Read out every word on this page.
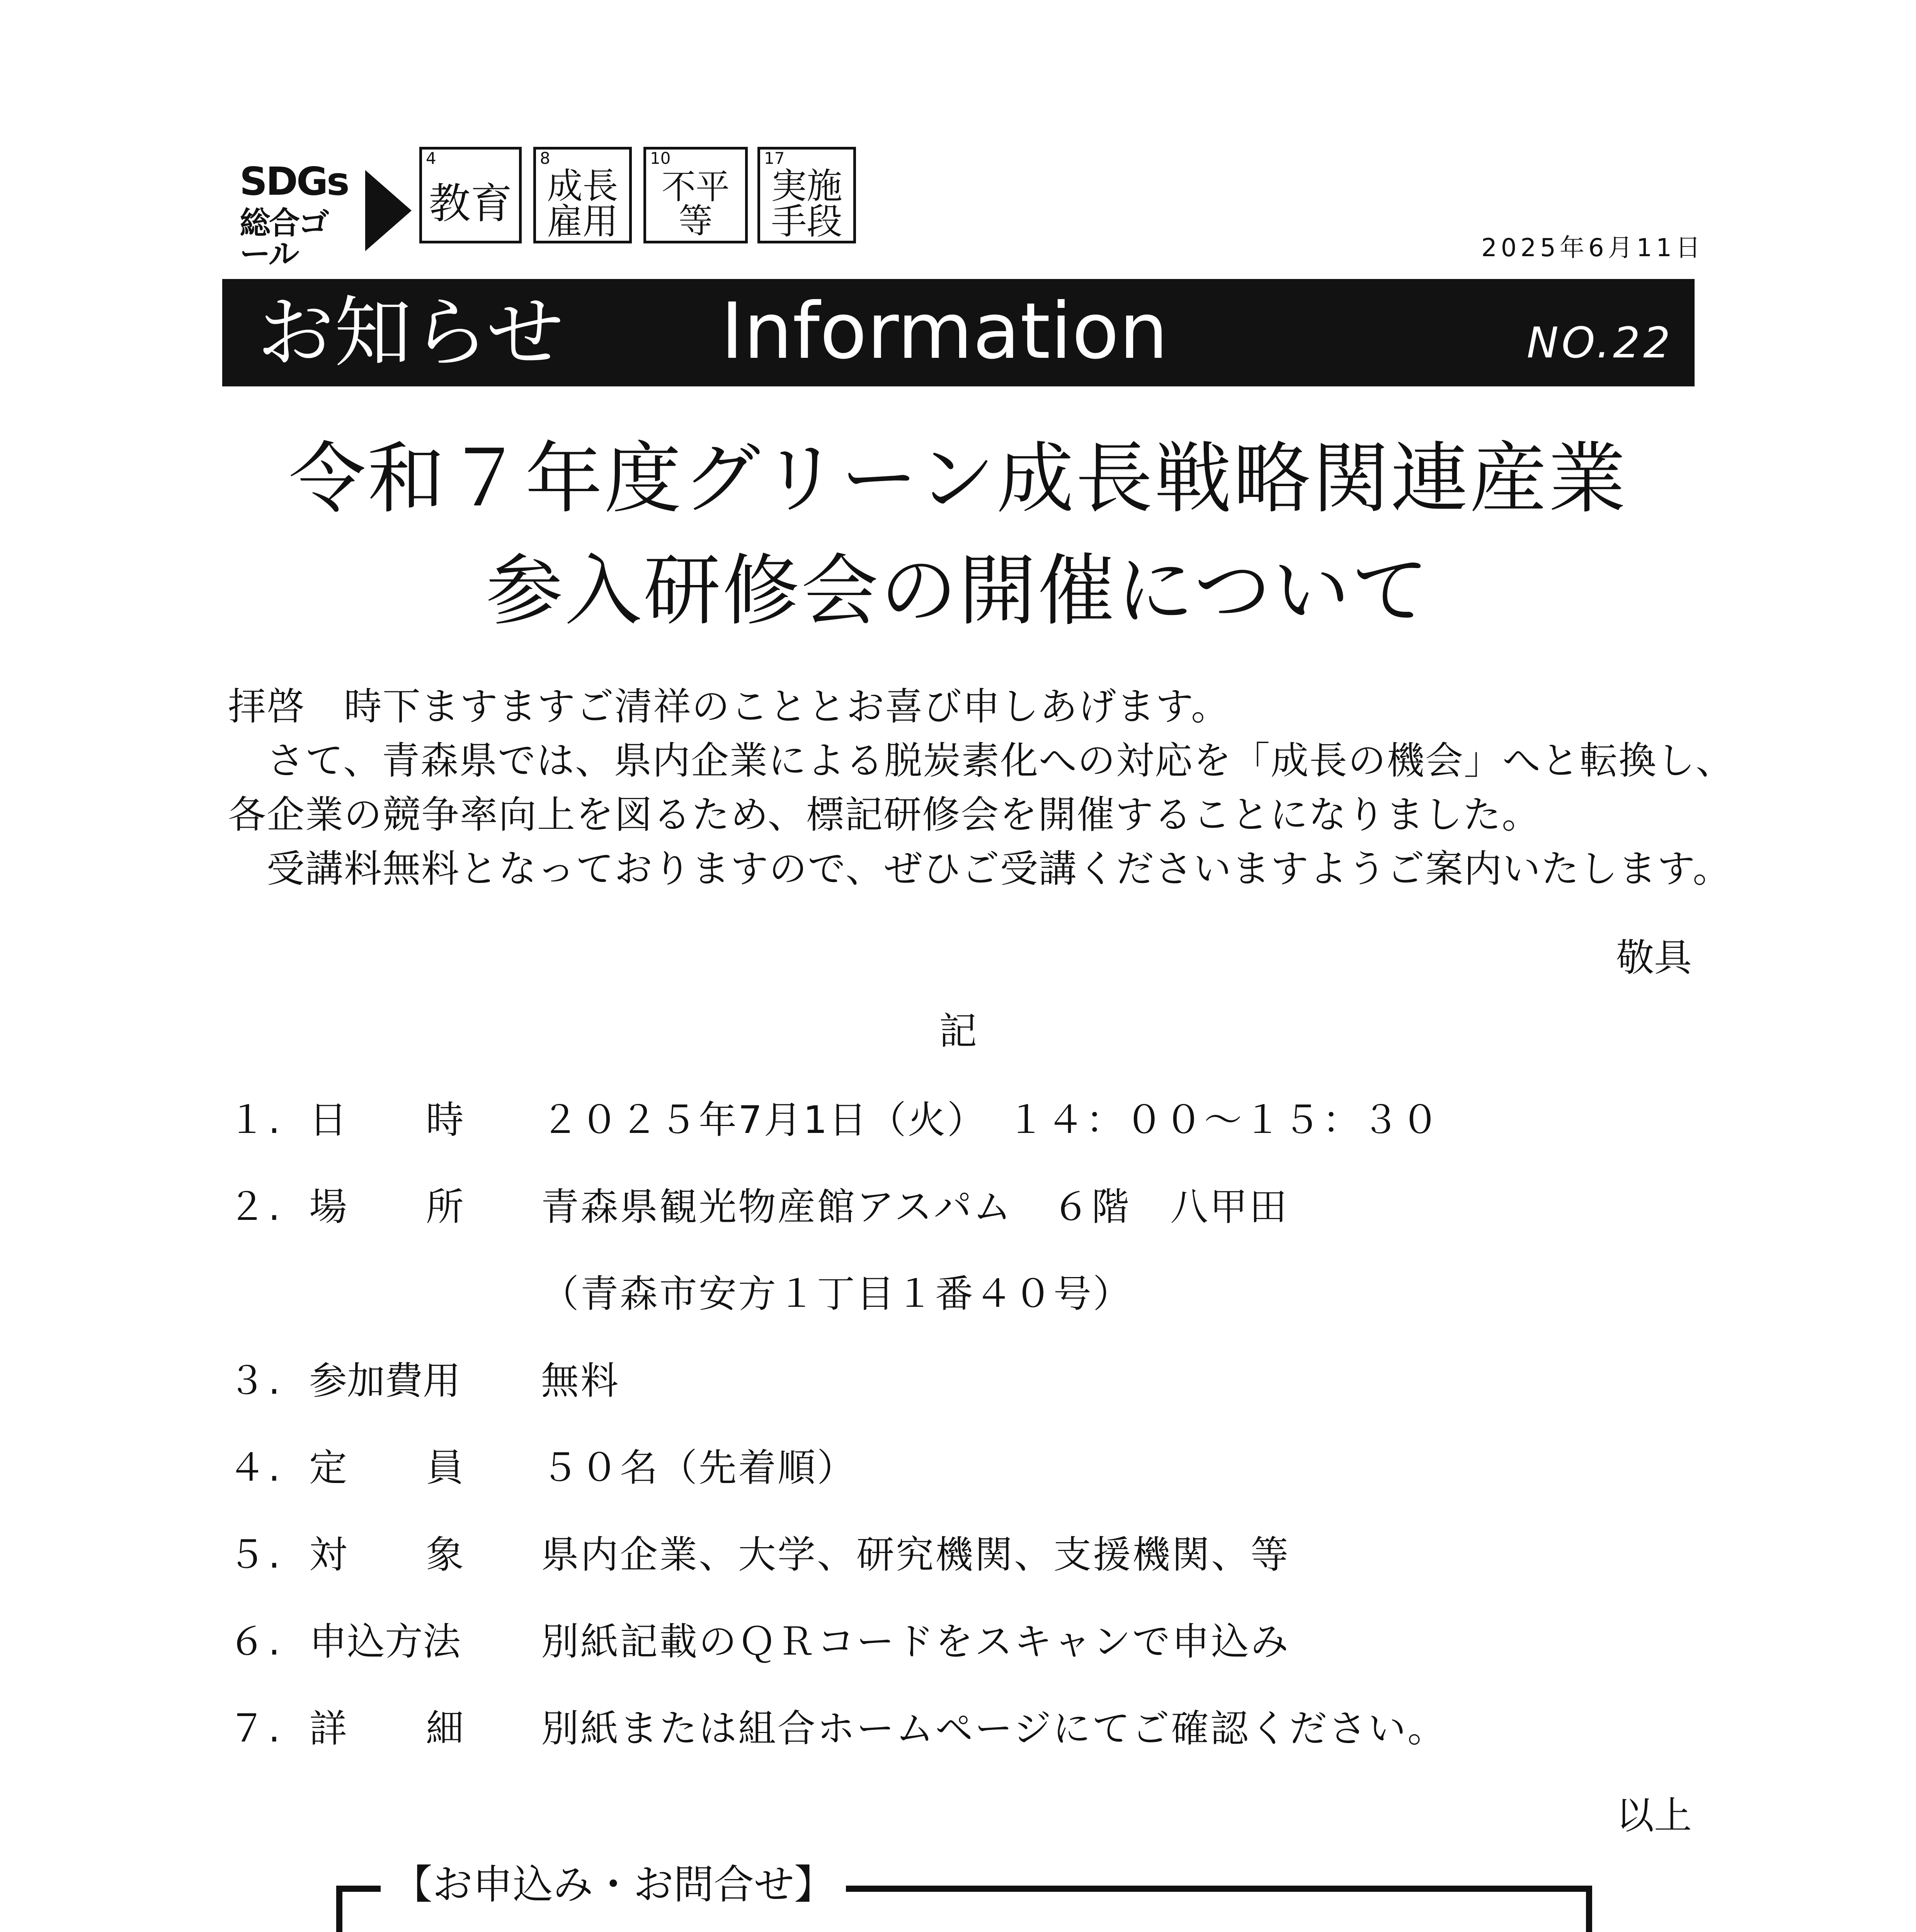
SDGs
総合ゴール
4
教育
8
成長雇用
10
不平等
17
実施手段
2025年6月11日
お知らせ Information	NO.22
令和７年度グリーン成長戦略関連産業
参入研修会の開催について
拝啓　時下ますますご清祥のこととお喜び申しあげます。
　さて、青森県では、県内企業による脱炭素化への対応を「成長の機会」へと転換し、
各企業の競争率向上を図るため、標記研修会を開催することになりました。
　受講料無料となっておりますので、ぜひご受講くださいますようご案内いたします。
敬具
記
１. 日 時 ２０２５年7月1日（火）　１４：００〜１５：３０
２. 場 所 青森県観光物産館アスパム　６階　八甲田
（青森市安方１丁目１番４０号）
３. 参加費用 無料
４. 定 員 ５０名（先着順）
５. 対 象 県内企業、大学、研究機関、支援機関、等
６. 申込方法 別紙記載のＱＲコードをスキャンで申込み
７. 詳 細 別紙または組合ホームページにてご確認ください。
以上
【お申込み・お問合せ】
